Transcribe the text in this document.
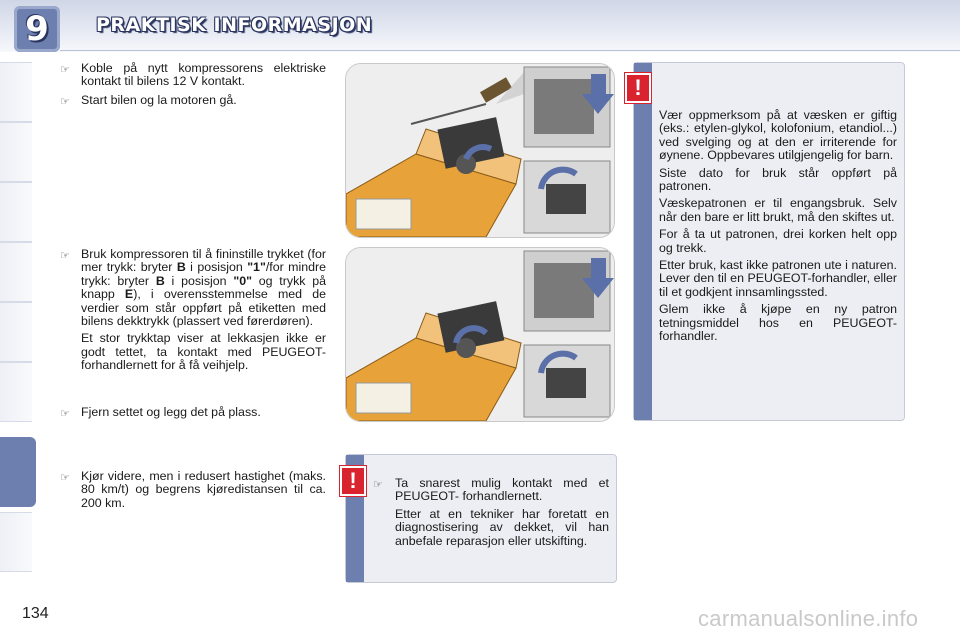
9	PRAKTISK INFORMASJON
☞ Koble på nytt kompressorens elektriske kontakt til bilens 12 V kontakt.
☞ Start bilen og la motoren gå.
☞ Bruk kompressoren til å fininstille trykket (for mer trykk: bryter B i posisjon "1"/for mindre trykk: bryter B i posisjon "0" og trykk på knapp E), i overensstemmelse med de verdier som står oppført på etiketten med bilens dekktrykk (plassert ved førerdøren).
Et stor trykktap viser at lekkasjen ikke er godt tettet, ta kontakt med PEUGEOT-forhandlernett for å få veihjelp.
☞ Fjern settet og legg det på plass.
☞ Kjør videre, men i redusert hastighet (maks. 80 km/t) og begrens kjøredistansen til ca. 200 km.
Vær oppmerksom på at væsken er giftig (eks.: etylen-glykol, kolofonium, etandiol...) ved svelging og at den er irriterende for øynene. Oppbevares utilgjengelig for barn.
Siste dato for bruk står oppført på patronen.
Væskepatronen er til engangsbruk. Selv når den bare er litt brukt, må den skiftes ut.
For å ta ut patronen, drei korken helt opp og trekk.
Etter bruk, kast ikke patronen ute i naturen. Lever den til en PEUGEOT-forhandler, eller til et godkjent innsamlingssted.
Glem ikke å kjøpe en ny patron tetningsmiddel hos en PEUGEOT-forhandler.
!
☞ Ta snarest mulig kontakt med et PEUGEOT- forhandlernett.
Etter at en tekniker har foretatt en diagnostisering av dekket, vil han anbefale reparasjon eller utskifting.
!
134	carmanualsonline.info
